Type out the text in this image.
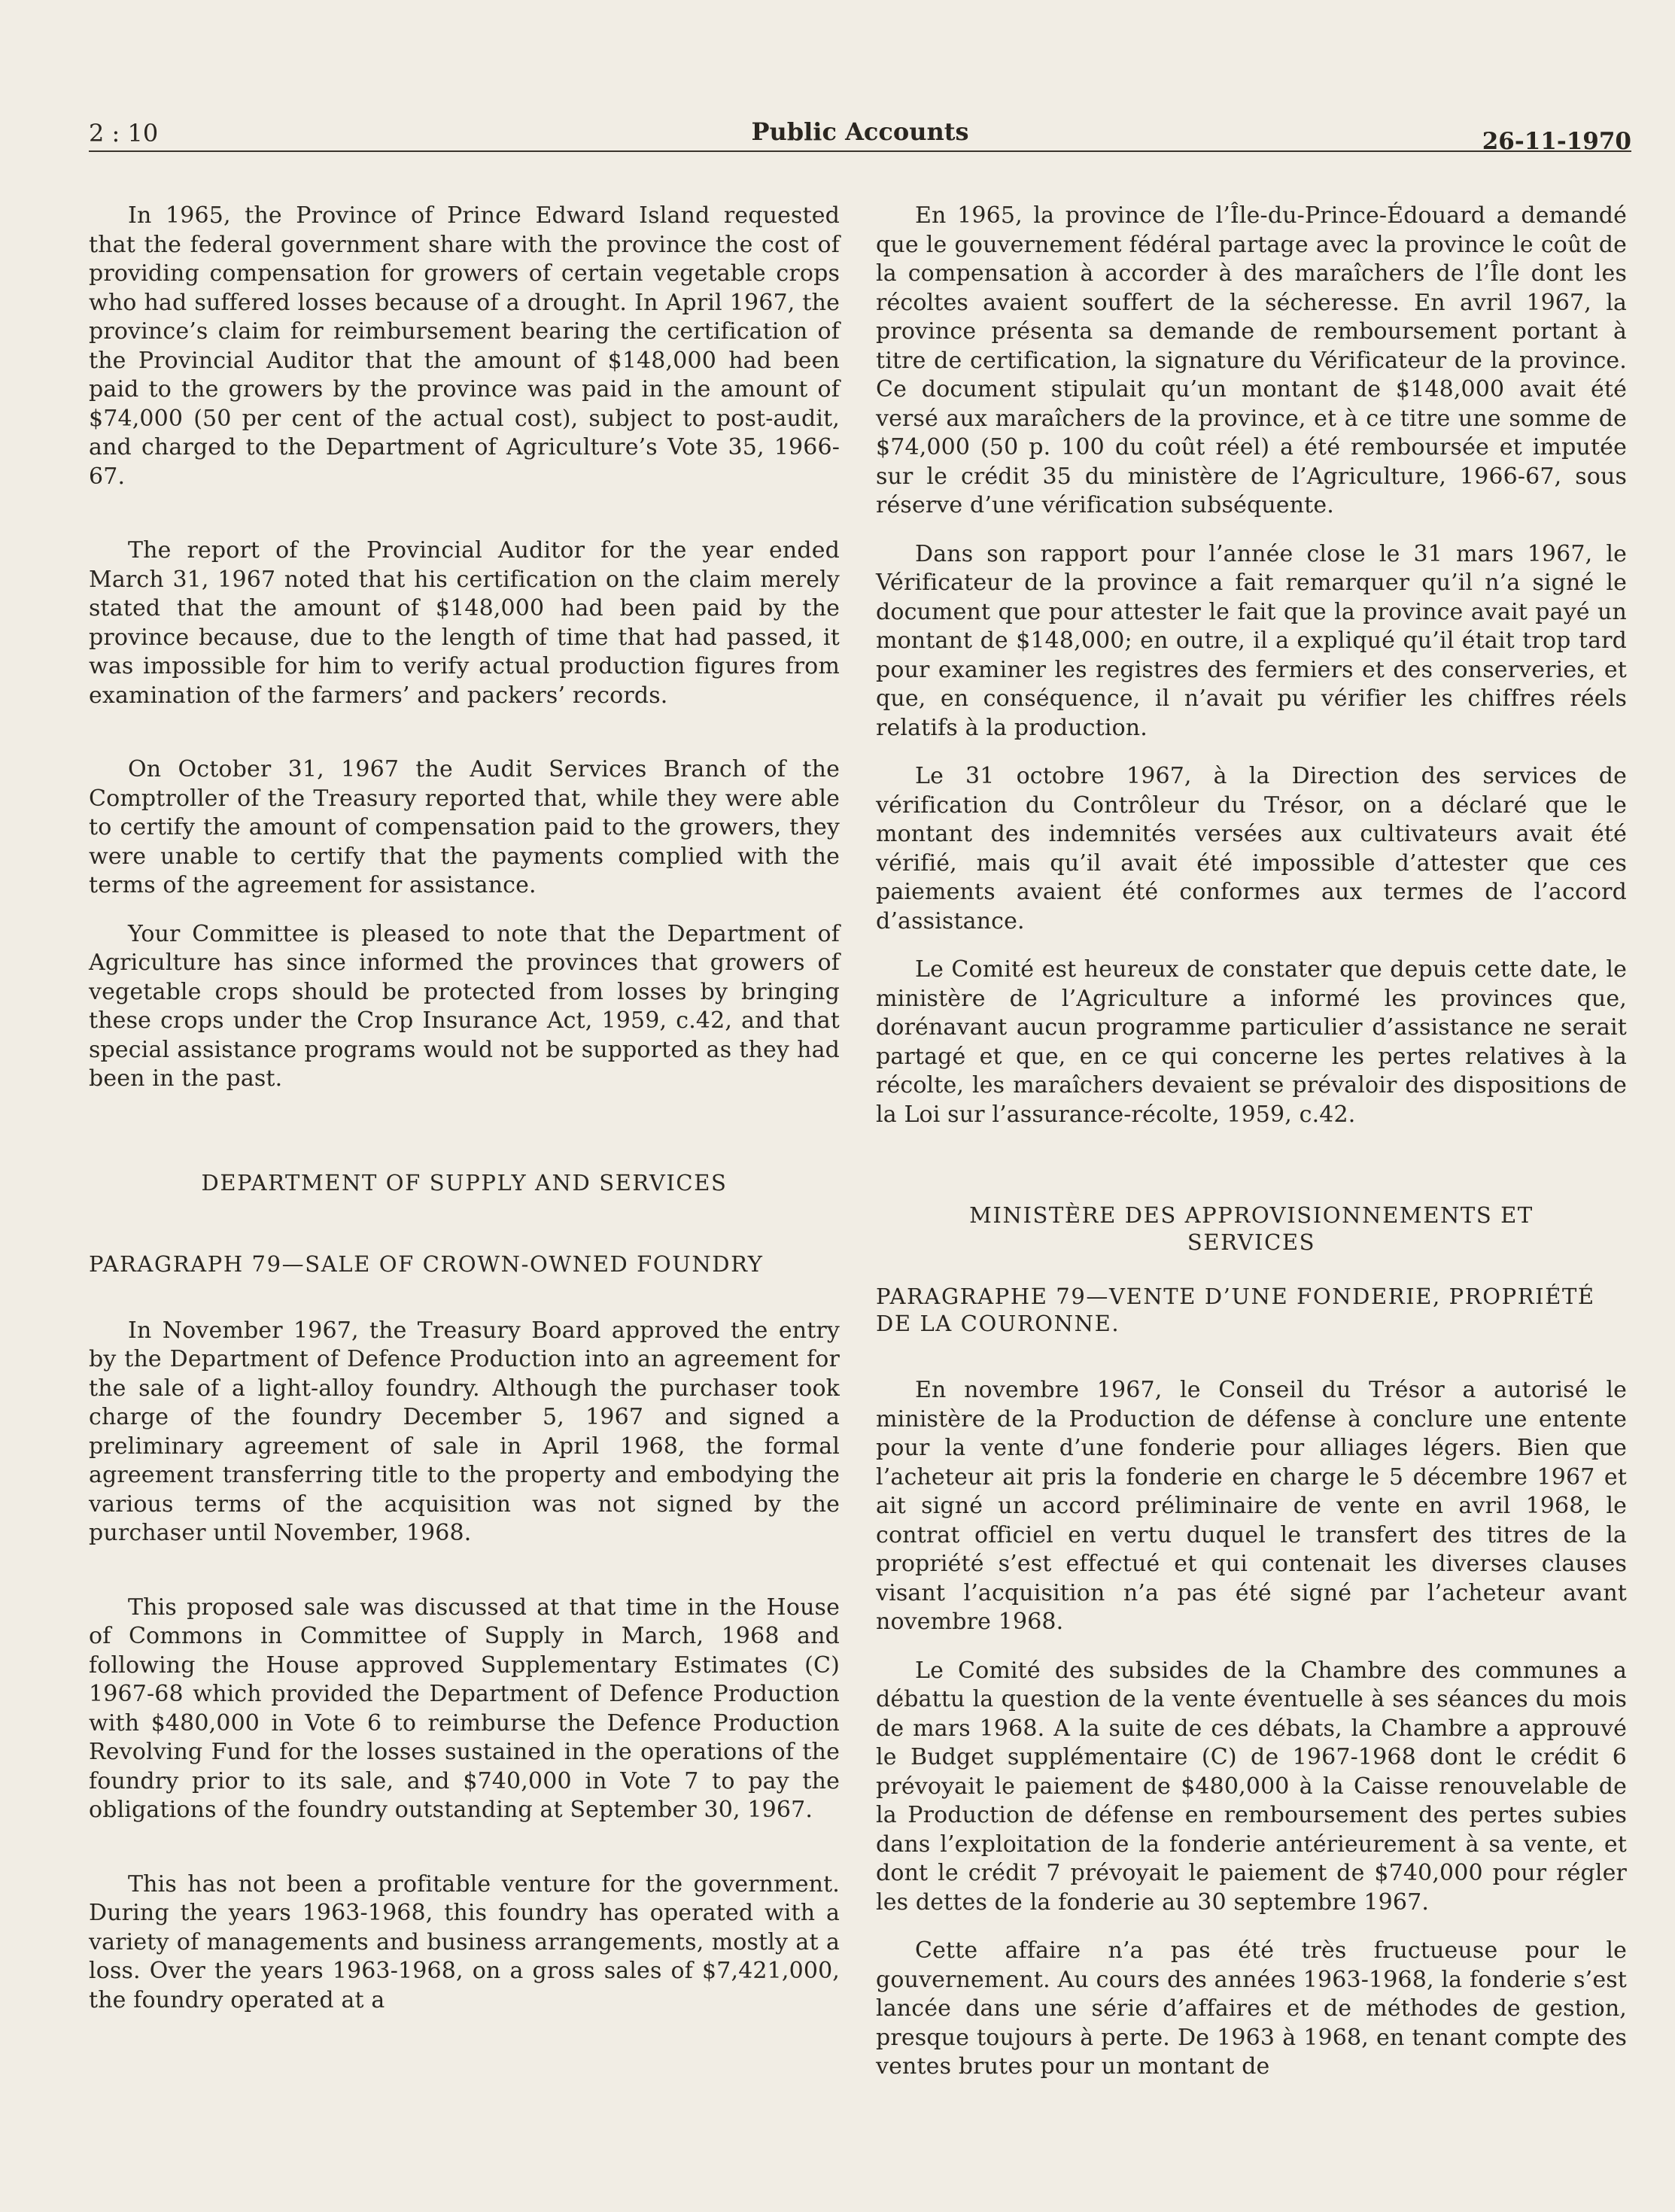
2 : 10	Public Accounts	26-11-1970

In 1965, the Province of Prince Edward Island requested that the federal government share with the province the cost of providing compensation for growers of certain vegetable crops who had suffered losses because of a drought. In April 1967, the province’s claim for reimbursement bearing the certification of the Provincial Auditor that the amount of $148,000 had been paid to the growers by the province was paid in the amount of $74,000 (50 per cent of the actual cost), subject to post-audit, and charged to the Department of Agriculture’s Vote 35, 1966-67.

The report of the Provincial Auditor for the year ended March 31, 1967 noted that his certification on the claim merely stated that the amount of $148,000 had been paid by the province because, due to the length of time that had passed, it was impossible for him to verify actual production figures from examination of the farmers’ and packers’ records.

On October 31, 1967 the Audit Services Branch of the Comptroller of the Treasury reported that, while they were able to certify the amount of compensation paid to the growers, they were unable to certify that the payments complied with the terms of the agreement for assistance.

Your Committee is pleased to note that the Department of Agriculture has since informed the provinces that growers of vegetable crops should be protected from losses by bringing these crops under the Crop Insurance Act, 1959, c.42, and that special assistance programs would not be supported as they had been in the past.

DEPARTMENT OF SUPPLY AND SERVICES
PARAGRAPH 79—SALE OF CROWN-OWNED FOUNDRY

In November 1967, the Treasury Board approved the entry by the Department of Defence Production into an agreement for the sale of a light-alloy foundry. Although the purchaser took charge of the foundry December 5, 1967 and signed a preliminary agreement of sale in April 1968, the formal agreement transferring title to the property and embodying the various terms of the acquisition was not signed by the purchaser until November, 1968.

This proposed sale was discussed at that time in the House of Commons in Committee of Supply in March, 1968 and following the House approved Supplementary Estimates (C) 1967-68 which provided the Department of Defence Production with $480,000 in Vote 6 to reimburse the Defence Production Revolving Fund for the losses sustained in the operations of the foundry prior to its sale, and $740,000 in Vote 7 to pay the obligations of the foundry outstanding at September 30, 1967.

This has not been a profitable venture for the government. During the years 1963-1968, this foundry has operated with a variety of managements and business arrangements, mostly at a loss. Over the years 1963-1968, on a gross sales of $7,421,000, the foundry operated at a

En 1965, la province de l’Île-du-Prince-Édouard a demandé que le gouvernement fédéral partage avec la province le coût de la compensation à accorder à des maraîchers de l’Île dont les récoltes avaient souffert de la sécheresse. En avril 1967, la province présenta sa demande de remboursement portant à titre de certification, la signature du Vérificateur de la province. Ce document stipulait qu’un montant de $148,000 avait été versé aux maraîchers de la province, et à ce titre une somme de $74,000 (50 p. 100 du coût réel) a été remboursée et imputée sur le crédit 35 du ministère de l’Agriculture, 1966-67, sous réserve d’une vérification subséquente.

Dans son rapport pour l’année close le 31 mars 1967, le Vérificateur de la province a fait remarquer qu’il n’a signé le document que pour attester le fait que la province avait payé un montant de $148,000; en outre, il a expliqué qu’il était trop tard pour examiner les registres des fermiers et des conserveries, et que, en conséquence, il n’avait pu vérifier les chiffres réels relatifs à la production.

Le 31 octobre 1967, à la Direction des services de vérification du Contrôleur du Trésor, on a déclaré que le montant des indemnités versées aux cultivateurs avait été vérifié, mais qu’il avait été impossible d’attester que ces paiements avaient été conformes aux termes de l’accord d’assistance.

Le Comité est heureux de constater que depuis cette date, le ministère de l’Agriculture a informé les provinces que, dorénavant aucun programme particulier d’assistance ne serait partagé et que, en ce qui concerne les pertes relatives à la récolte, les maraîchers devaient se prévaloir des dispositions de la Loi sur l’assurance-récolte, 1959, c.42.

MINISTÈRE DES APPROVISIONNEMENTS ET SERVICES
PARAGRAPHE 79—VENTE D’UNE FONDERIE, PROPRIÉTÉ DE LA COURONNE.

En novembre 1967, le Conseil du Trésor a autorisé le ministère de la Production de défense à conclure une entente pour la vente d’une fonderie pour alliages légers. Bien que l’acheteur ait pris la fonderie en charge le 5 décembre 1967 et ait signé un accord préliminaire de vente en avril 1968, le contrat officiel en vertu duquel le transfert des titres de la propriété s’est effectué et qui contenait les diverses clauses visant l’acquisition n’a pas été signé par l’acheteur avant novembre 1968.

Le Comité des subsides de la Chambre des communes a débattu la question de la vente éventuelle à ses séances du mois de mars 1968. A la suite de ces débats, la Chambre a approuvé le Budget supplémentaire (C) de 1967-1968 dont le crédit 6 prévoyait le paiement de $480,000 à la Caisse renouvelable de la Production de défense en remboursement des pertes subies dans l’exploitation de la fonderie antérieurement à sa vente, et dont le crédit 7 prévoyait le paiement de $740,000 pour régler les dettes de la fonderie au 30 septembre 1967.

Cette affaire n’a pas été très fructueuse pour le gouvernement. Au cours des années 1963-1968, la fonderie s’est lancée dans une série d’affaires et de méthodes de gestion, presque toujours à perte. De 1963 à 1968, en tenant compte des ventes brutes pour un montant de
